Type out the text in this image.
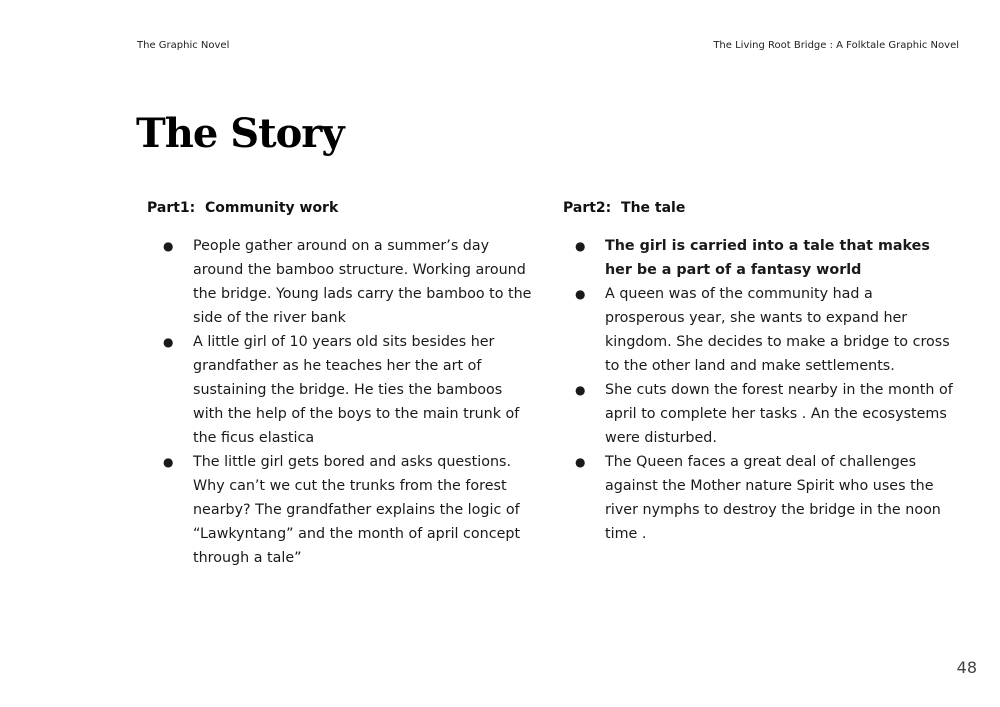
The Graphic Novel	The Living Root Bridge : A Folktale Graphic Novel
The Story

Part1:  Community work

● People gather around on a summer’s day around the bamboo structure. Working around the bridge. Young lads carry the bamboo to the side of the river bank
● A little girl of 10 years old sits besides her grandfather as he teaches her the art of sustaining the bridge. He ties the bamboos with the help of the boys to the main trunk of the ficus elastica
● The little girl gets bored and asks questions. Why can’t we cut the trunks from the forest nearby? The grandfather explains the logic of “Lawkyntang” and the month of april concept through a tale”

Part2:  The tale

● The girl is carried into a tale that makes her be a part of a fantasy world
● A queen was of the community had a prosperous year, she wants to expand her kingdom. She decides to make a bridge to cross to the other land and make settlements.
● She cuts down the forest nearby in the month of april to complete her tasks . An the ecosystems were disturbed.
● The Queen faces a great deal of challenges against the Mother nature Spirit who uses the river nymphs to destroy the bridge in the noon time .
48
